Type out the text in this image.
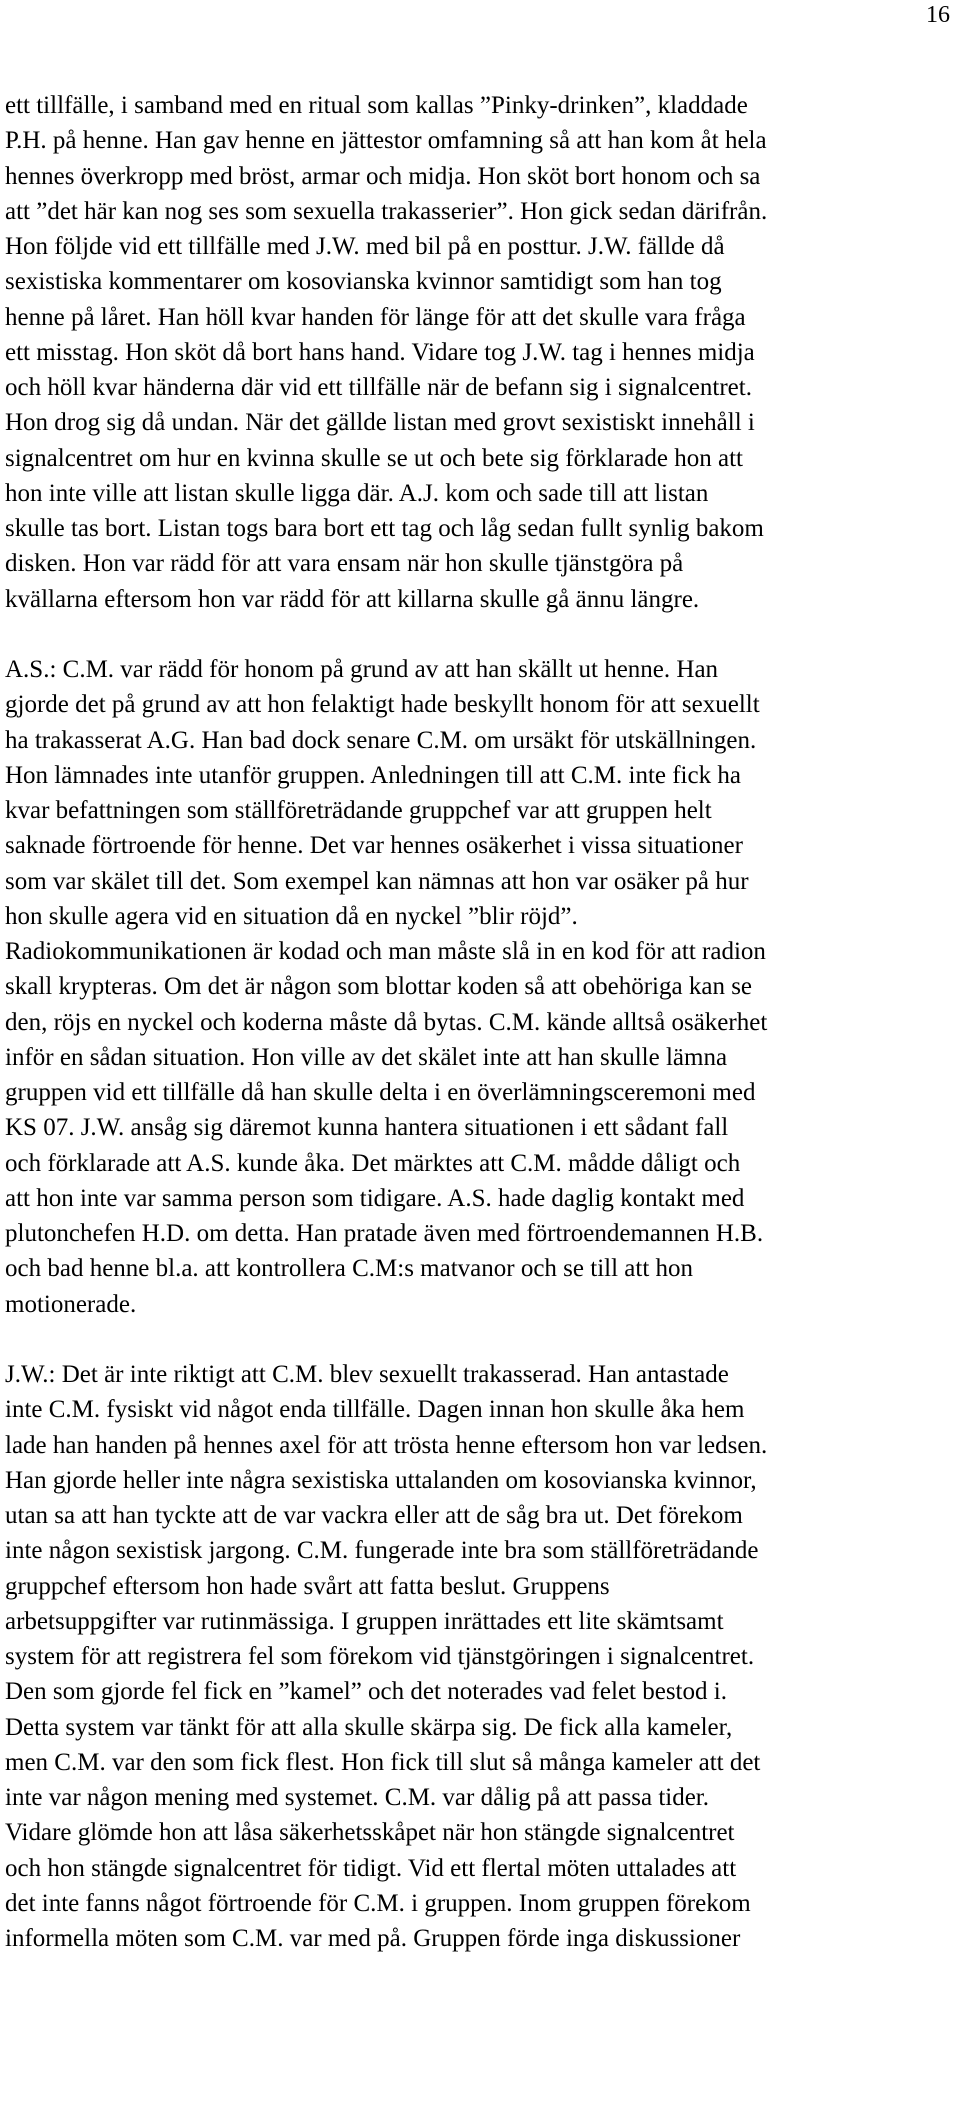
16
ett tillfälle, i samband med en ritual som kallas ”Pinky-drinken”, kladdade
P.H. på henne. Han gav henne en jättestor omfamning så att han kom åt hela
hennes överkropp med bröst, armar och midja. Hon sköt bort honom och sa
att ”det här kan nog ses som sexuella trakasserier”. Hon gick sedan därifrån.
Hon följde vid ett tillfälle med J.W. med bil på en posttur. J.W. fällde då
sexistiska kommentarer om kosovianska kvinnor samtidigt som han tog
henne på låret. Han höll kvar handen för länge för att det skulle vara fråga
ett misstag. Hon sköt då bort hans hand. Vidare tog J.W. tag i hennes midja
och höll kvar händerna där vid ett tillfälle när de befann sig i signalcentret.
Hon drog sig då undan. När det gällde listan med grovt sexistiskt innehåll i
signalcentret om hur en kvinna skulle se ut och bete sig förklarade hon att
hon inte ville att listan skulle ligga där. A.J. kom och sade till att listan
skulle tas bort. Listan togs bara bort ett tag och låg sedan fullt synlig bakom
disken. Hon var rädd för att vara ensam när hon skulle tjänstgöra på
kvällarna eftersom hon var rädd för att killarna skulle gå ännu längre.
A.S.: C.M. var rädd för honom på grund av att han skällt ut henne. Han
gjorde det på grund av att hon felaktigt hade beskyllt honom för att sexuellt
ha trakasserat A.G. Han bad dock senare C.M. om ursäkt för utskällningen.
Hon lämnades inte utanför gruppen. Anledningen till att C.M. inte fick ha
kvar befattningen som ställföreträdande gruppchef var att gruppen helt
saknade förtroende för henne. Det var hennes osäkerhet i vissa situationer
som var skälet till det. Som exempel kan nämnas att hon var osäker på hur
hon skulle agera vid en situation då en nyckel ”blir röjd”.
Radiokommunikationen är kodad och man måste slå in en kod för att radion
skall krypteras. Om det är någon som blottar koden så att obehöriga kan se
den, röjs en nyckel och koderna måste då bytas. C.M. kände alltså osäkerhet
inför en sådan situation. Hon ville av det skälet inte att han skulle lämna
gruppen vid ett tillfälle då han skulle delta i en överlämningsceremoni med
KS 07. J.W. ansåg sig däremot kunna hantera situationen i ett sådant fall
och förklarade att A.S. kunde åka. Det märktes att C.M. mådde dåligt och
att hon inte var samma person som tidigare. A.S. hade daglig kontakt med
plutonchefen H.D. om detta. Han pratade även med förtroendemannen H.B.
och bad henne bl.a. att kontrollera C.M:s matvanor och se till att hon
motionerade.
J.W.: Det är inte riktigt att C.M. blev sexuellt trakasserad. Han antastade
inte C.M. fysiskt vid något enda tillfälle. Dagen innan hon skulle åka hem
lade han handen på hennes axel för att trösta henne eftersom hon var ledsen.
Han gjorde heller inte några sexistiska uttalanden om kosovianska kvinnor,
utan sa att han tyckte att de var vackra eller att de såg bra ut. Det förekom
inte någon sexistisk jargong. C.M. fungerade inte bra som ställföreträdande
gruppchef eftersom hon hade svårt att fatta beslut. Gruppens
arbetsuppgifter var rutinmässiga. I gruppen inrättades ett lite skämtsamt
system för att registrera fel som förekom vid tjänstgöringen i signalcentret.
Den som gjorde fel fick en ”kamel” och det noterades vad felet bestod i.
Detta system var tänkt för att alla skulle skärpa sig. De fick alla kameler,
men C.M. var den som fick flest. Hon fick till slut så många kameler att det
inte var någon mening med systemet. C.M. var dålig på att passa tider.
Vidare glömde hon att låsa säkerhetsskåpet när hon stängde signalcentret
och hon stängde signalcentret för tidigt. Vid ett flertal möten uttalades att
det inte fanns något förtroende för C.M. i gruppen. Inom gruppen förekom
informella möten som C.M. var med på. Gruppen förde inga diskussioner
